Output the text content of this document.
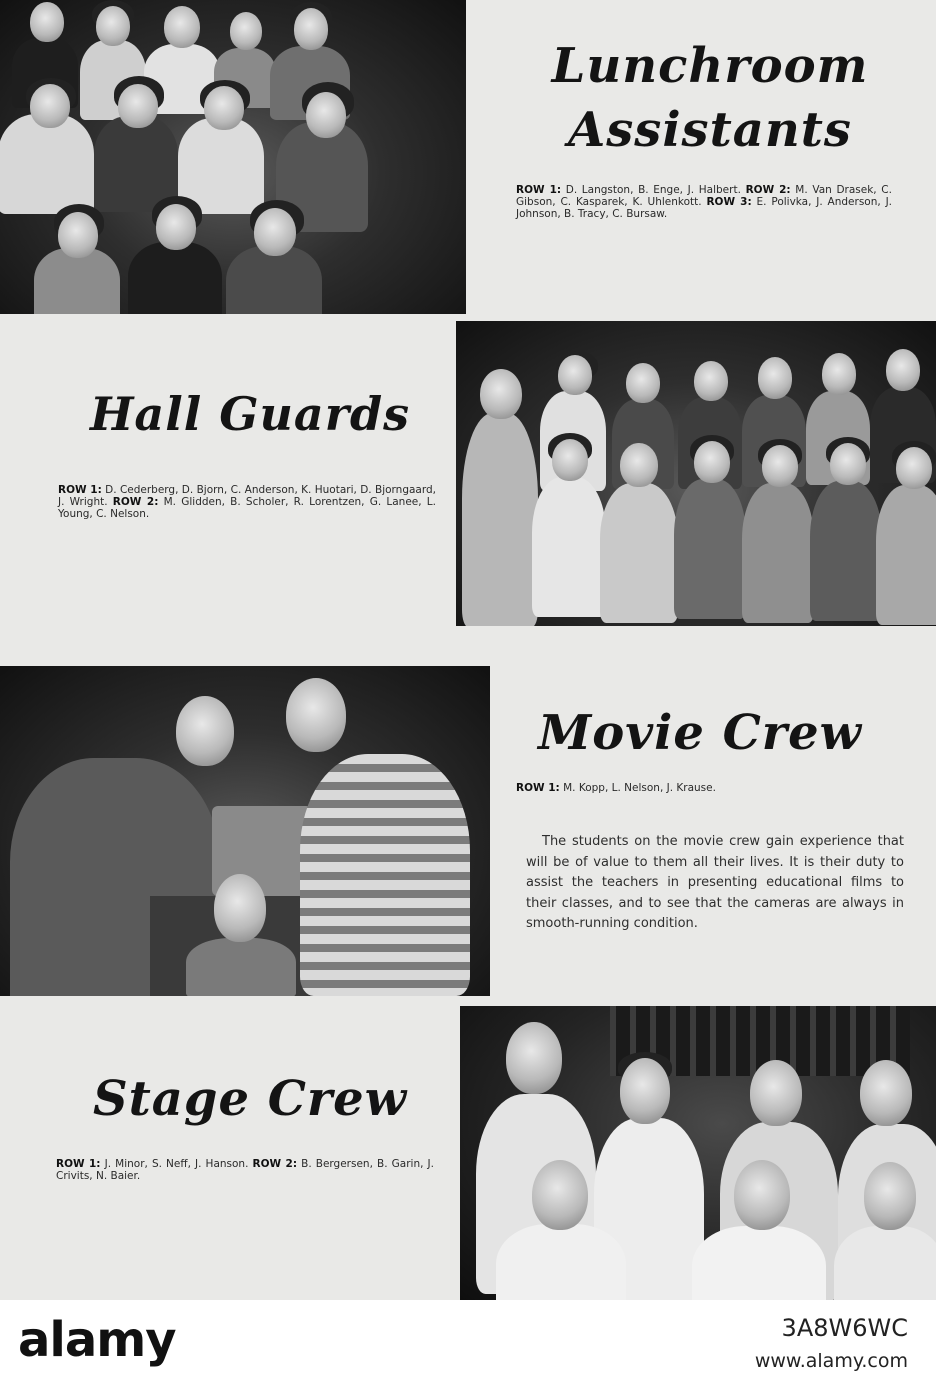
Lunchroom
Assistants
ROW 1: D. Langston, B. Enge, J. Halbert. ROW 2: M. Van Drasek, C. Gibson, C. Kasparek, K. Uhlenkott. ROW 3: E. Polivka, J. Anderson, J. Johnson, B. Tracy, C. Bursaw.
Hall Guards
ROW 1: D. Cederberg, D. Bjorn, C. Anderson, K. Huotari, D. Bjorngaard, J. Wright. ROW 2: M. Glidden, B. Scholer, R. Lorentzen, G. Lanee, L. Young, C. Nelson.
Movie Crew
ROW 1: M. Kopp, L. Nelson, J. Krause.
The students on the movie crew gain experience that will be of value to them all their lives. It is their duty to assist the teachers in presenting educational films to their classes, and to see that the cameras are always in smooth-running condition.
Stage Crew
ROW 1: J. Minor, S. Neff, J. Hanson. ROW 2: B. Bergersen, B. Garin, J. Crivits, N. Baier.
alamy	3A8W6WC
www.alamy.com
